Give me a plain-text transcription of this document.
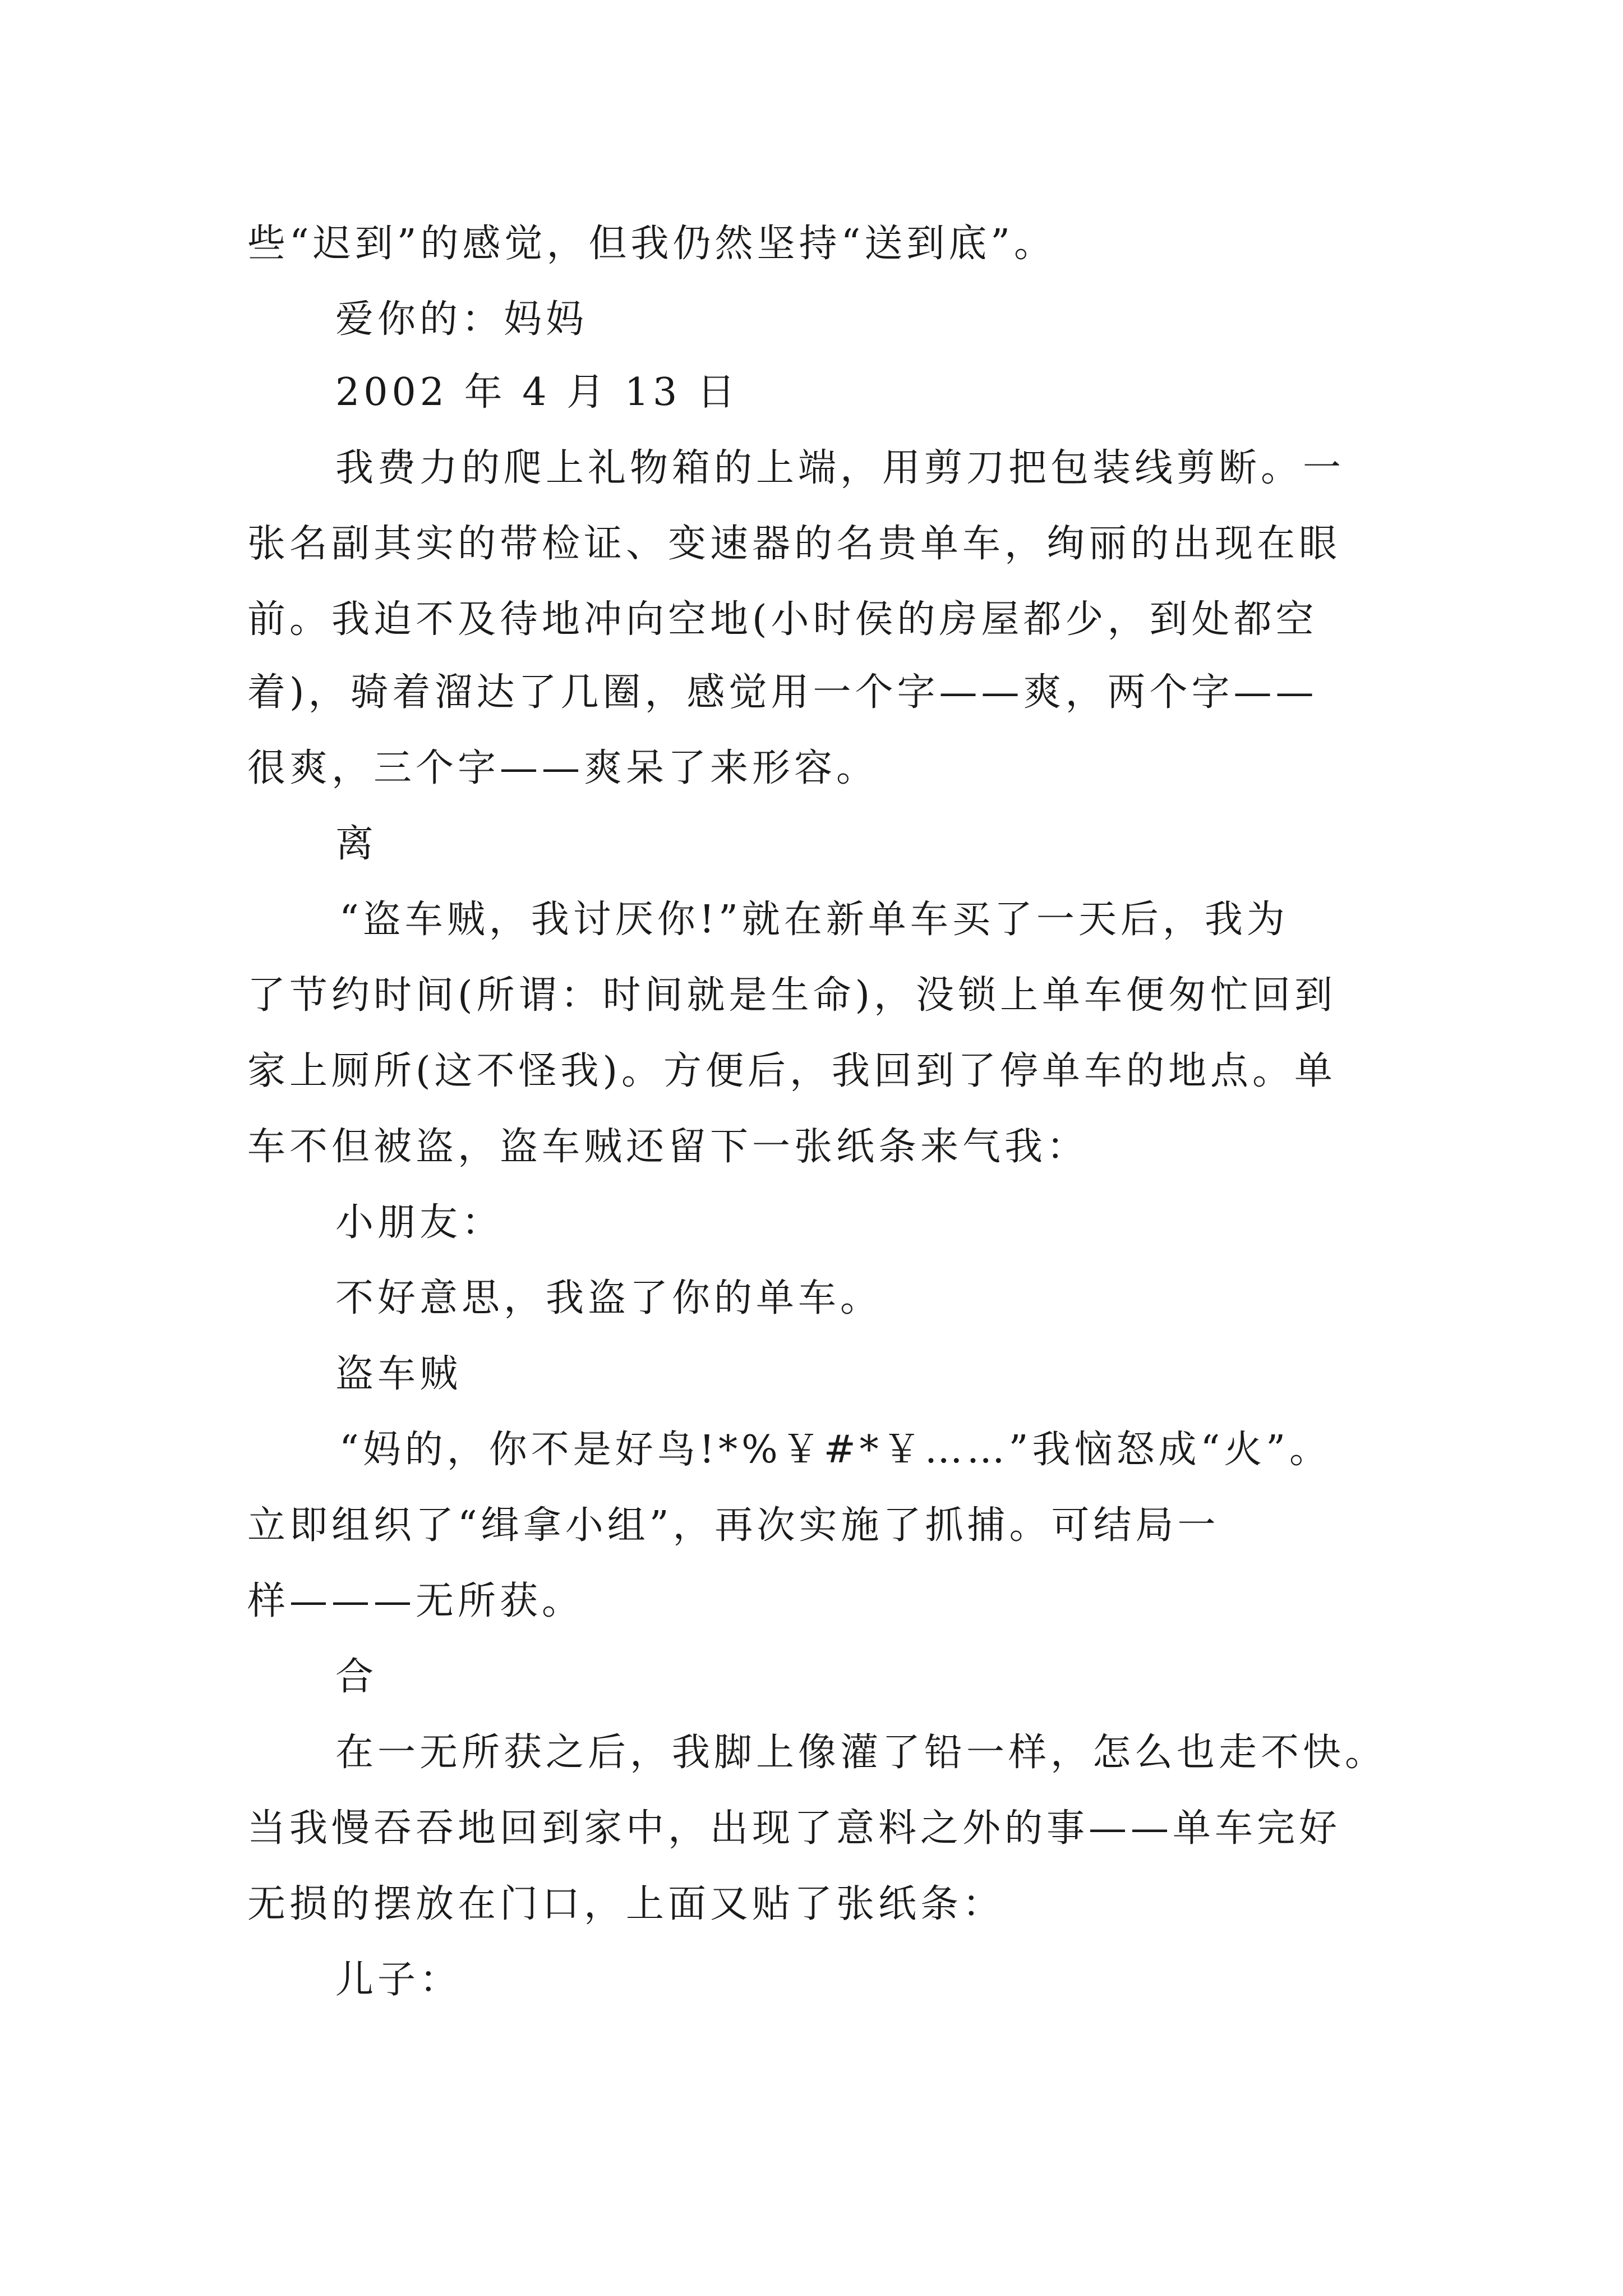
些“迟到”的感觉，但我仍然坚持“送到底”。
爱你的：妈妈
2002 年 4 月 13 日
我费力的爬上礼物箱的上端，用剪刀把包装线剪断。一
张名副其实的带检证、变速器的名贵单车，绚丽的出现在眼
前。我迫不及待地冲向空地(小时侯的房屋都少，到处都空
着)，骑着溜达了几圈，感觉用一个字——爽，两个字——
很爽，三个字——爽呆了来形容。
离
“盗车贼，我讨厌你!”就在新单车买了一天后，我为
了节约时间(所谓：时间就是生命)，没锁上单车便匆忙回到
家上厕所(这不怪我)。方便后，我回到了停单车的地点。单
车不但被盗，盗车贼还留下一张纸条来气我：
小朋友：
不好意思，我盗了你的单车。
盗车贼
“妈的，你不是好鸟!*%￥#*￥……”我恼怒成“火”。
立即组织了“缉拿小组”，再次实施了抓捕。可结局一
样———无所获。
合
在一无所获之后，我脚上像灌了铅一样，怎么也走不快。
当我慢吞吞地回到家中，出现了意料之外的事——单车完好
无损的摆放在门口，上面又贴了张纸条：
儿子：
